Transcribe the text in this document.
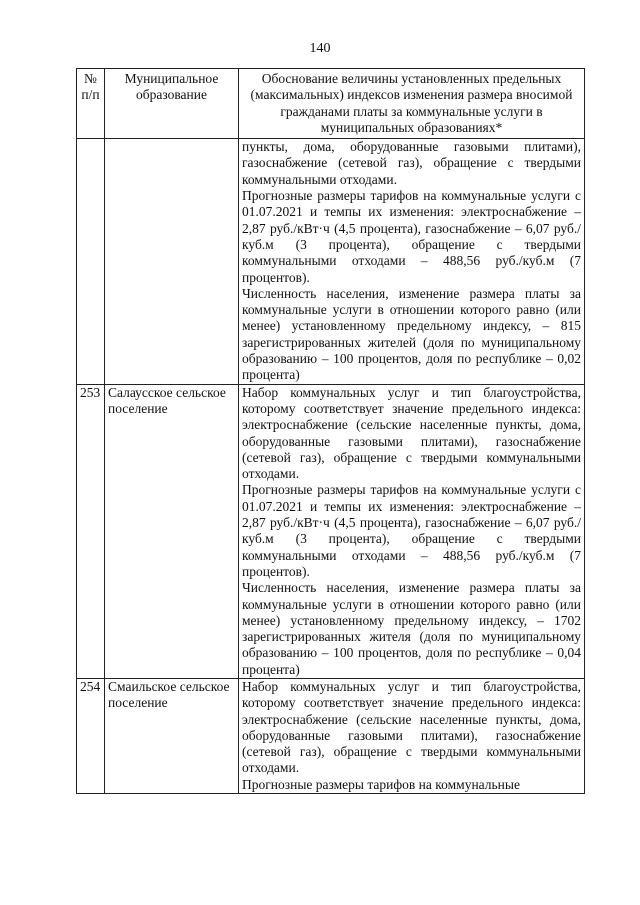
140
№ п/п	Муниципальное образование	Обоснование величины установленных предельных (максимальных) индексов изменения размера вносимой гражданами платы за коммунальные услуги в муниципальных образованиях*

		пункты, дома, оборудованные газовыми плитами), газоснабжение (сетевой газ), обращение с твердыми коммунальными отходами.

Прогнозные размеры тарифов на коммунальные услуги с 01.07.2021 и темпы их изменения: электроснабжение – 2,87 руб./кВт·ч (4,5 процента), газоснабжение – 6,07 руб./куб.м (3 процента), обращение с твердыми коммунальными отходами – 488,56 руб./куб.м (7 процентов).

Численность населения, изменение размера платы за коммунальные услуги в отношении которого равно (или менее) установленному предельному индексу, – 815 зарегистрированных жителей (доля по муниципальному образованию – 100 процентов, доля по республике – 0,02 процента)

253	Салаусское сельское поселение	Набор коммунальных услуг и тип благоустройства, которому соответствует значение предельного индекса: электроснабжение (сельские населенные пункты, дома, оборудованные газовыми плитами), газоснабжение (сетевой газ), обращение с твердыми коммунальными отходами.

Прогнозные размеры тарифов на коммунальные услуги с 01.07.2021 и темпы их изменения: электроснабжение – 2,87 руб./кВт·ч (4,5 процента), газоснабжение – 6,07 руб./куб.м (3 процента), обращение с твердыми коммунальными отходами – 488,56 руб./куб.м (7 процентов).

Численность населения, изменение размера платы за коммунальные услуги в отношении которого равно (или менее) установленному предельному индексу, – 1702 зарегистрированных жителя (доля по муниципальному образованию – 100 процентов, доля по республике – 0,04 процента)

254	Смаильское сельское поселение	Набор коммунальных услуг и тип благоустройства, которому соответствует значение предельного индекса: электроснабжение (сельские населенные пункты, дома, оборудованные газовыми плитами), газоснабжение (сетевой газ), обращение с твердыми коммунальными отходами.

Прогнозные размеры тарифов на коммунальные
